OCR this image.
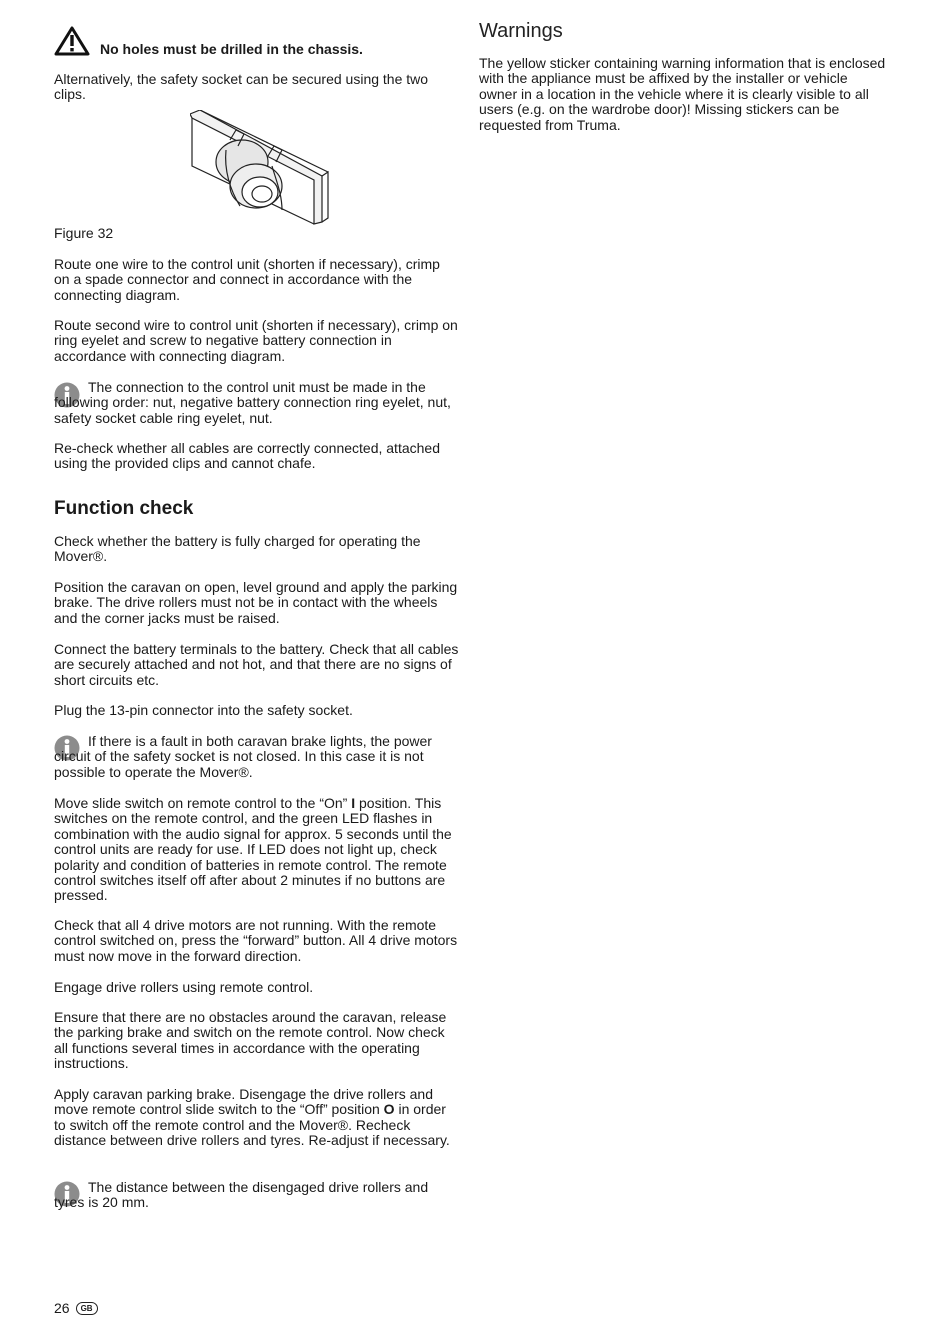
No holes must be drilled in the chassis.

Alternatively, the safety socket can be secured using the two clips.

Figure 32

Route one wire to the control unit (shorten if necessary), crimp on a spade connector and connect in accordance with the connecting diagram.

Route second wire to control unit (shorten if necessary), crimp on ring eyelet and screw to negative battery connection in accordance with connecting diagram.

The connection to the control unit must be made in the following order: nut, negative battery connection ring eyelet, nut, safety socket cable ring eyelet, nut.

Re-check whether all cables are correctly connected, attached using the provided clips and cannot chafe.

Function check

Check whether the battery is fully charged for operating the Mover®.

Position the caravan on open, level ground and apply the parking brake. The drive rollers must not be in contact with the wheels and the corner jacks must be raised.

Connect the battery terminals to the battery. Check that all cables are securely attached and not hot, and that there are no signs of short circuits etc.

Plug the 13-pin connector into the safety socket.

If there is a fault in both caravan brake lights, the power circuit of the safety socket is not closed. In this case it is not possible to operate the Mover®.

Move slide switch on remote control to the “On” I position. This switches on the remote control, and the green LED flashes in combination with the audio signal for approx. 5 seconds until the control units are ready for use. If LED does not light up, check polarity and condition of batteries in remote control. The remote control switches itself off after about 2 minutes if no buttons are pressed.

Check that all 4 drive motors are not running. With the remote control switched on, press the “forward” button. All 4 drive motors must now move in the forward direction.

Engage drive rollers using remote control.

Ensure that there are no obstacles around the caravan, release the parking brake and switch on the remote control. Now check all functions several times in accordance with the operating instructions.

Apply caravan parking brake. Disengage the drive rollers and move remote control slide switch to the “Off” position O in order to switch off the remote control and the Mover®. Recheck distance between drive rollers and tyres. Re-adjust if necessary.

The distance between the disengaged drive rollers and tyres is 20 mm.

Warnings

The yellow sticker containing warning information that is enclosed with the appliance must be affixed by the installer or vehicle owner in a location in the vehicle where it is clearly visible to all users (e.g. on the wardrobe door)! Missing stickers can be requested from Truma.

26 GB
